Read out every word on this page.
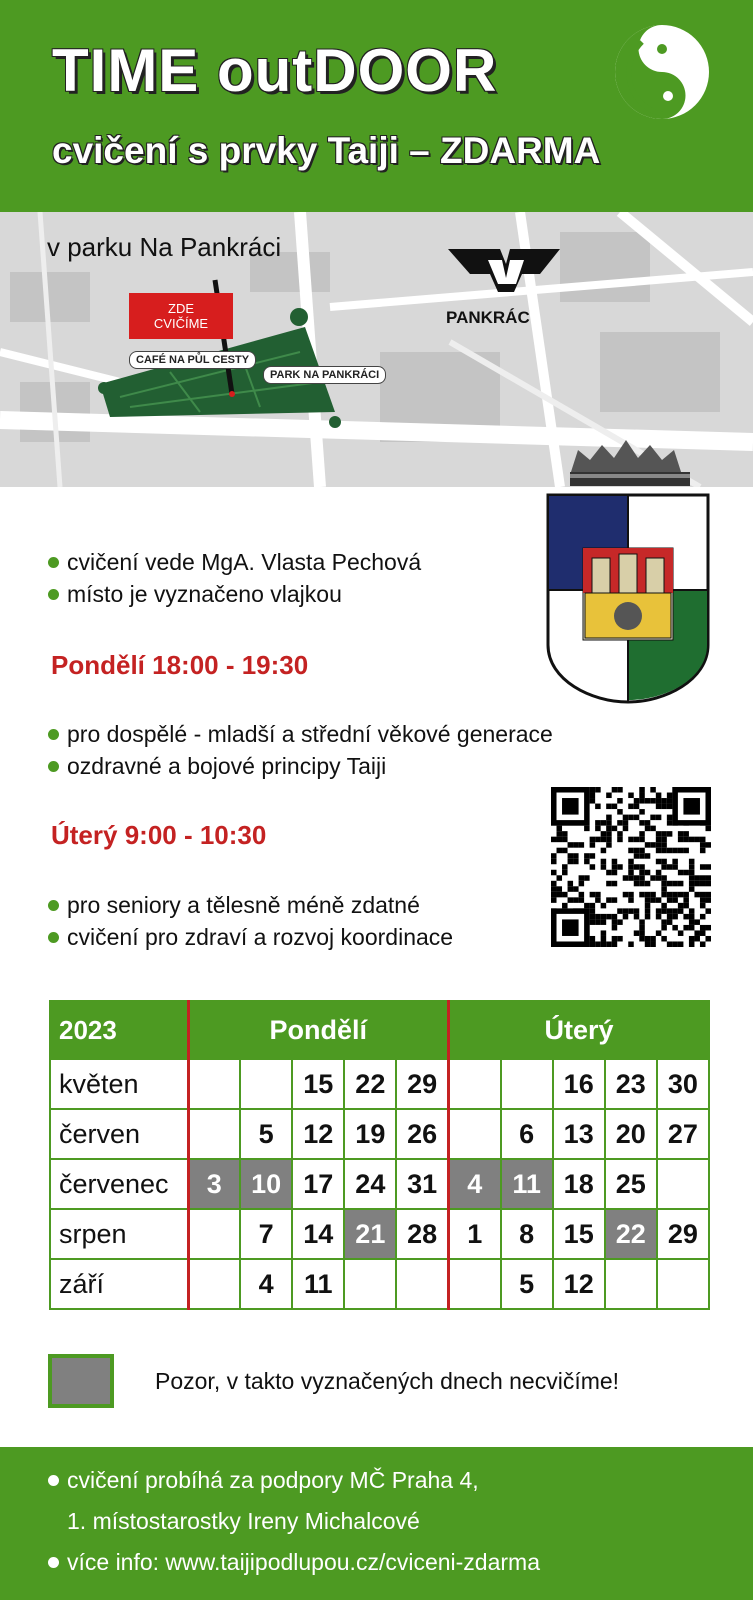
TIME outDOOR
cvičení s prvky Taiji – ZDARMA
v parku Na Pankráci
ZDE
CVIČÍME
CAFÉ NA PŮL CESTY
PARK NA PANKRÁCI
PANKRÁC
cvičení vede MgA. Vlasta Pechová
místo je vyznačeno vlajkou
Pondělí 18:00 - 19:30
pro dospělé - mladší a střední věkové generace
ozdravné a bojové principy Taiji
Úterý 9:00 - 10:30
pro seniory a tělesně méně zdatné
cvičení pro zdraví a rozvoj koordinace
2023	Pondělí					Úterý				
květen			15	22	29			16	23	30
červen		5	12	19	26		6	13	20	27
červenec	3	10	17	24	31	4	11	18	25	
srpen		7	14	21	28	1	8	15	22	29
září		4	11				5	12		
Pozor, v takto vyznačených dnech necvičíme!
cvičení probíhá za podpory MČ Praha 4,
1. místostarostky Ireny Michalcové
více info: www.taijipodlupou.cz/cviceni-zdarma
